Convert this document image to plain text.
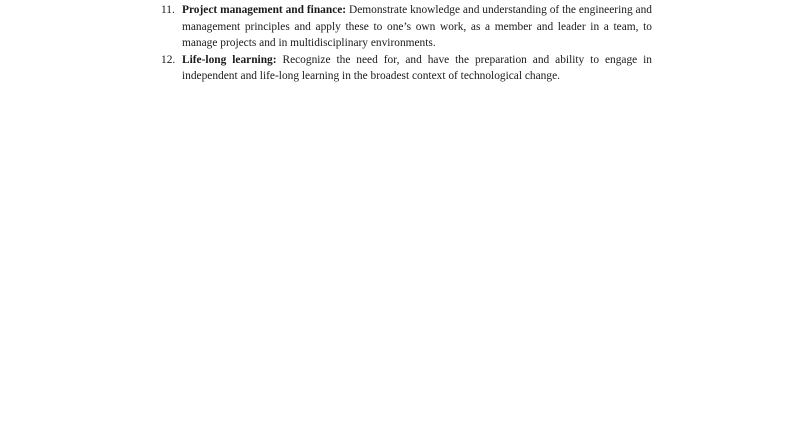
11. Project management and finance: Demonstrate knowledge and understanding of the engineering and management principles and apply these to one’s own work, as a member and leader in a team, to manage projects and in multidisciplinary environments.
12. Life-long learning: Recognize the need for, and have the preparation and ability to engage in independent and life-long learning in the broadest context of technological change.
